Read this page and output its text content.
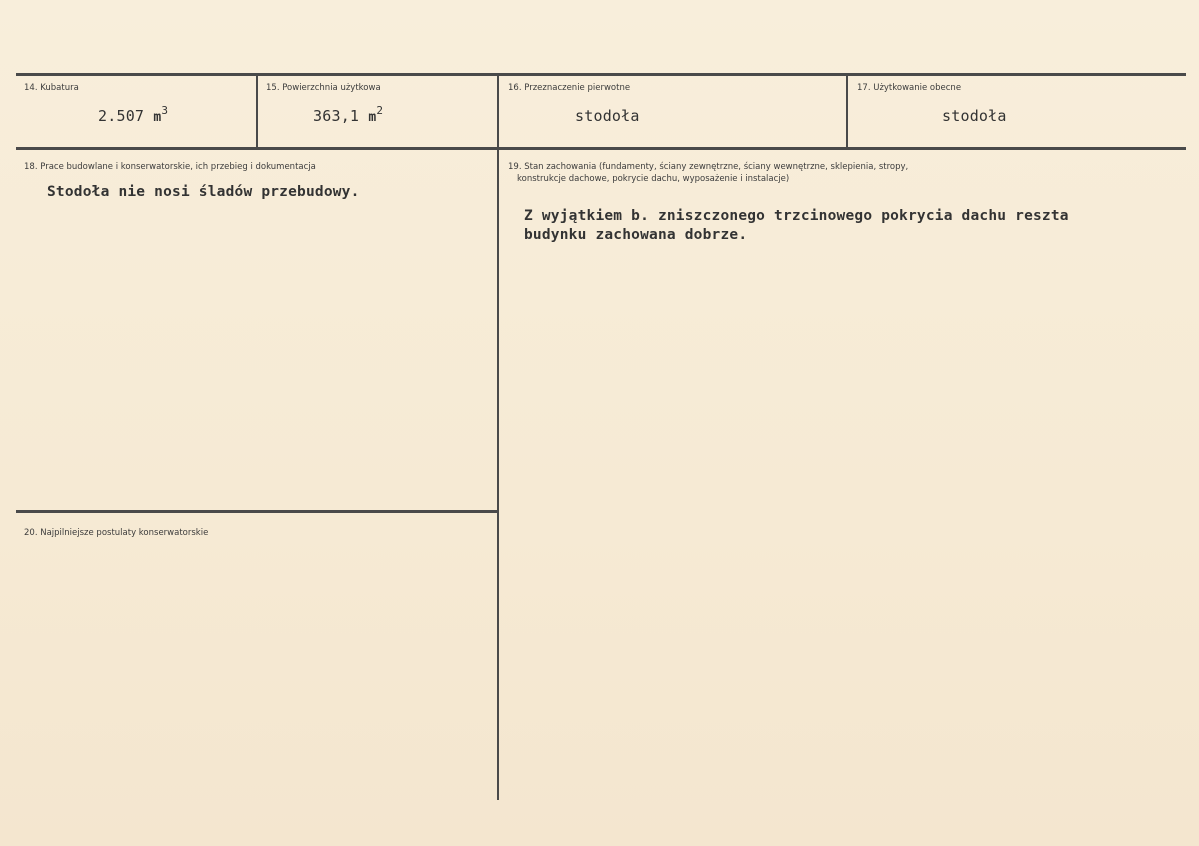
14. Kubatura
2.507 $m^3$
15. Powierzchnia użytkowa
363,1 $m^2$
16. Przeznaczenie pierwotne
stodoła
17. Użytkowanie obecne
stodoła
18. Prace budowlane i konserwatorskie, ich przebieg i dokumentacja
Stodoła nie nosi śladów przebudowy.
19. Stan zachowania (fundamenty, ściany zewnętrzne, ściany wewnętrzne, sklepienia, stropy,
konstrukcje dachowe, pokrycie dachu, wyposażenie i instalacje)
Z wyjątkiem b. zniszczonego trzcinowego pokrycia dachu reszta
budynku zachowana dobrze.
20. Najpilniejsze postulaty konserwatorskie
